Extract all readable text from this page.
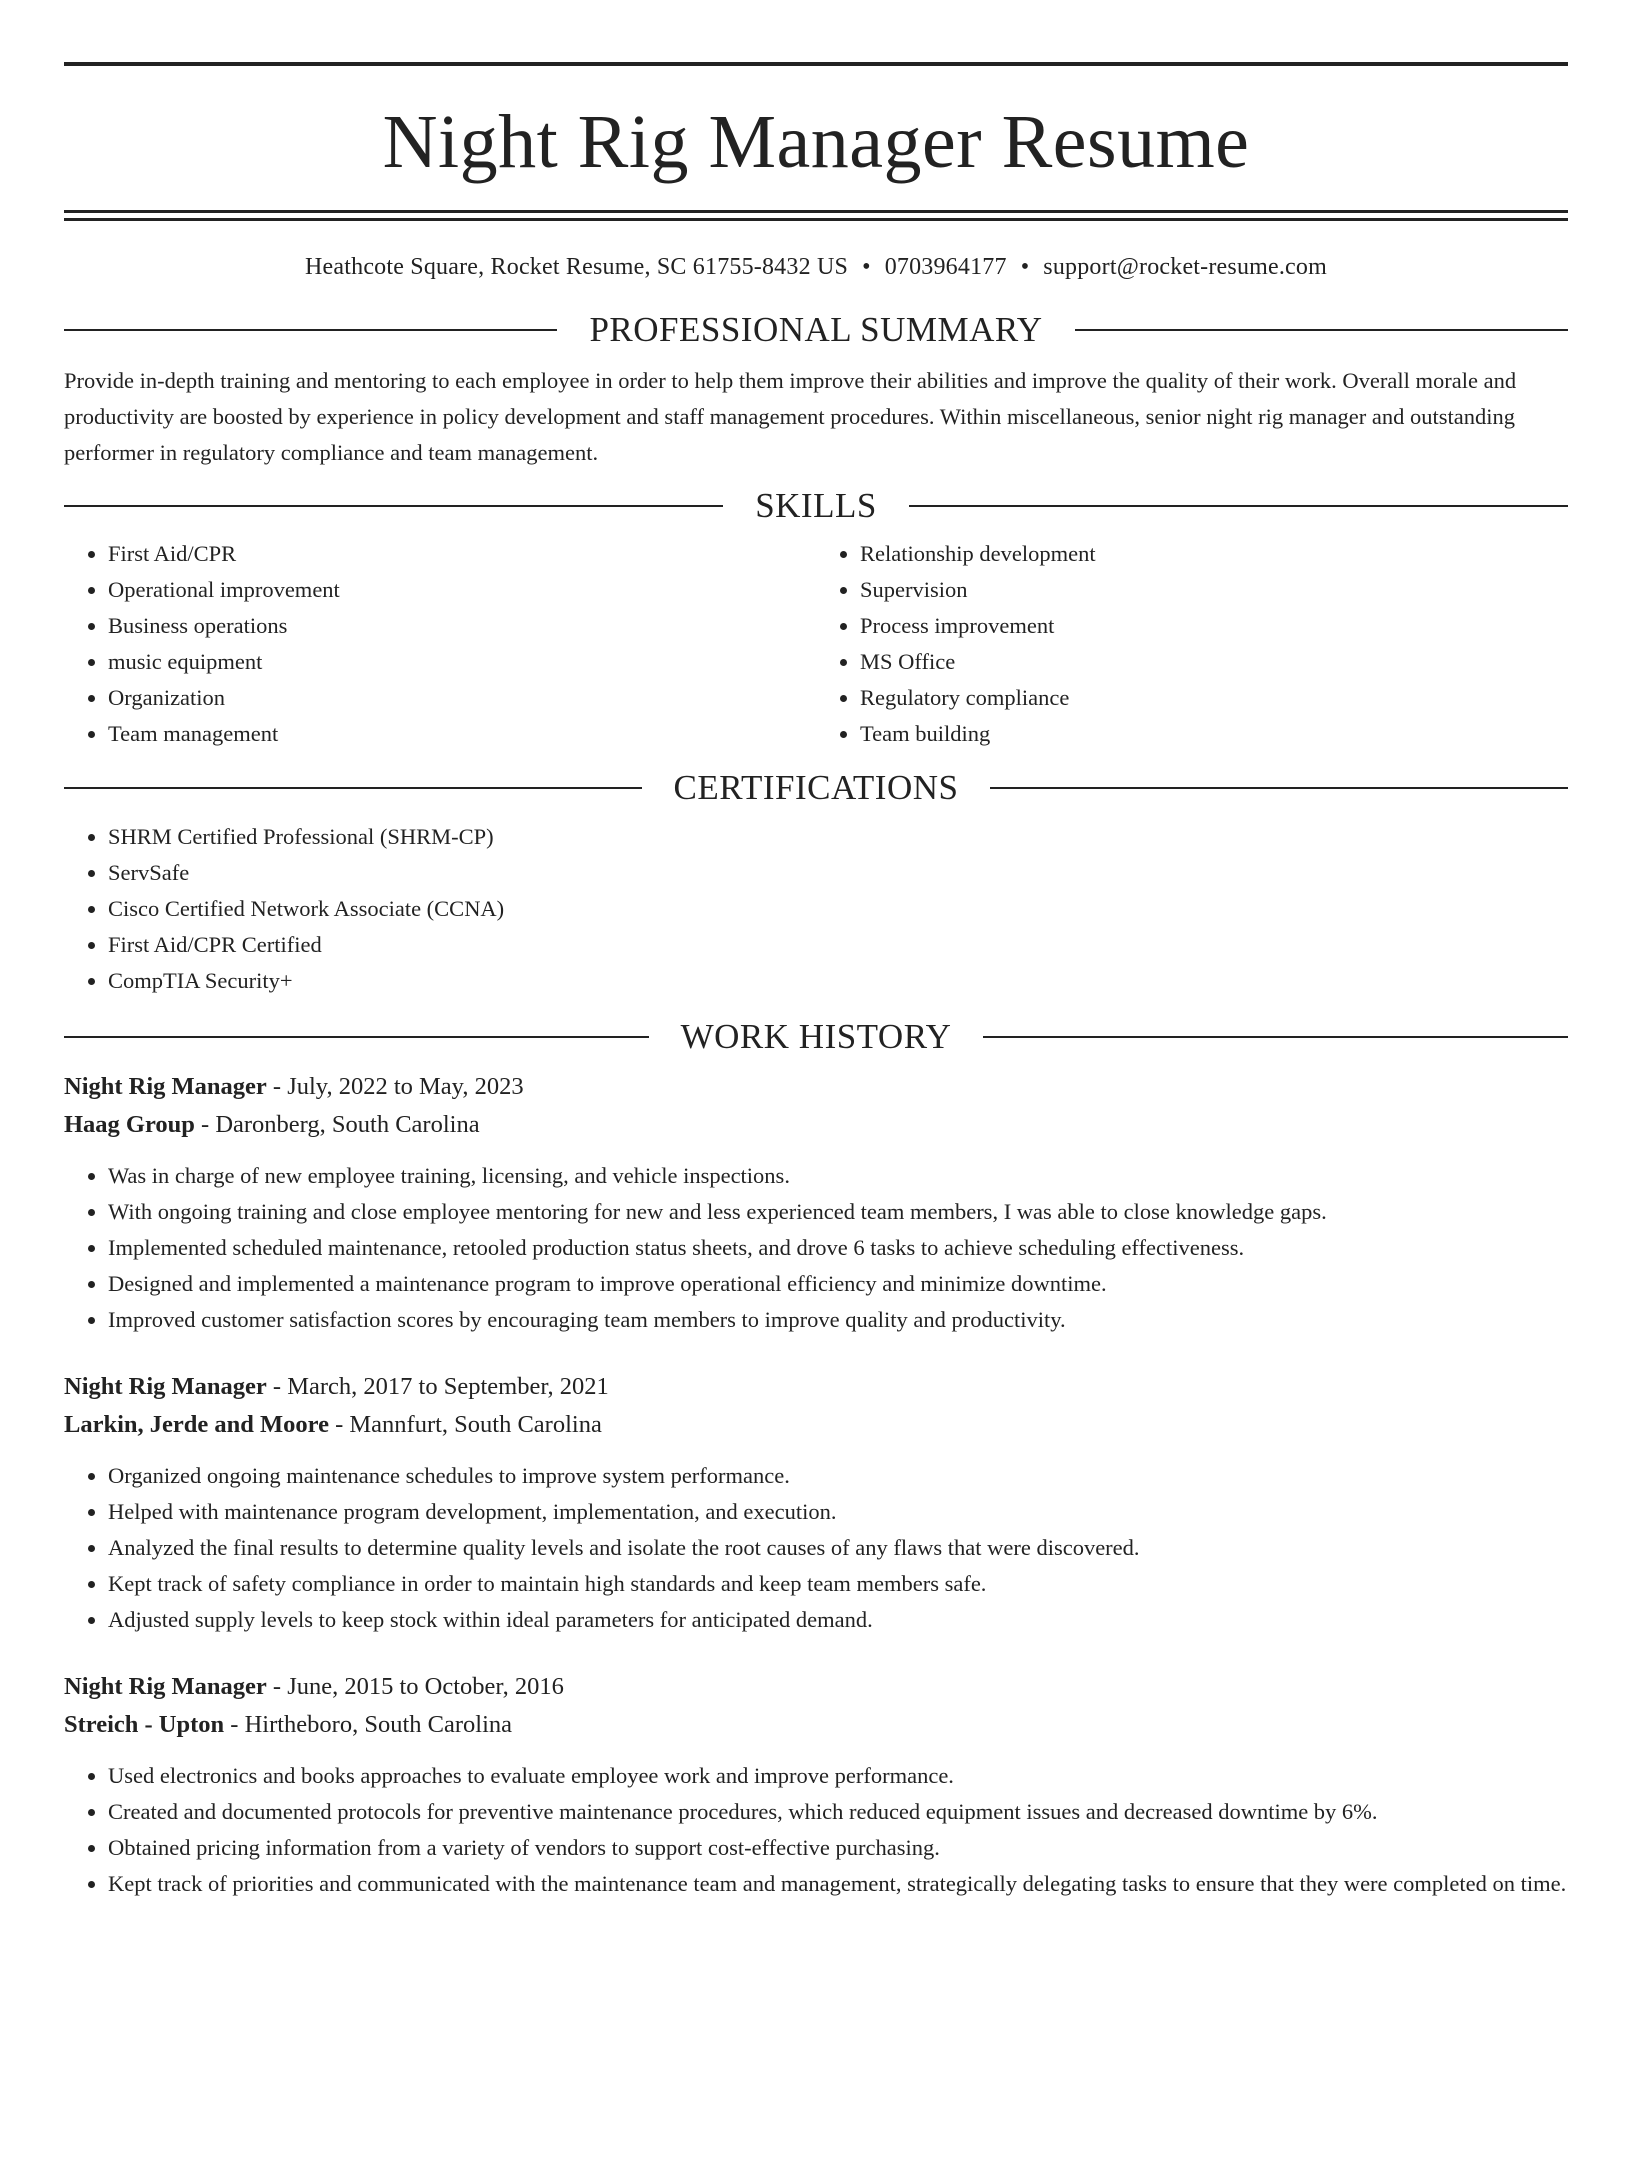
Night Rig Manager Resume
Heathcote Square, Rocket Resume, SC 61755-8432 US • 0703964177 • support@rocket-resume.com
PROFESSIONAL SUMMARY

Provide in-depth training and mentoring to each employee in order to help them improve their abilities and improve the quality of their work. Overall morale and productivity are boosted by experience in policy development and staff management procedures. Within miscellaneous, senior night rig manager and outstanding performer in regulatory compliance and team management.

SKILLS
• First Aid/CPR
• Operational improvement
• Business operations
• music equipment
• Organization
• Team management
• Relationship development
• Supervision
• Process improvement
• MS Office
• Regulatory compliance
• Team building
CERTIFICATIONS
• SHRM Certified Professional (SHRM-CP)
• ServSafe
• Cisco Certified Network Associate (CCNA)
• First Aid/CPR Certified
• CompTIA Security+
WORK HISTORY

Night Rig Manager - July, 2022 to May, 2023

Haag Group - Daronberg, South Carolina

• Was in charge of new employee training, licensing, and vehicle inspections.
• With ongoing training and close employee mentoring for new and less experienced team members, I was able to close knowledge gaps.
• Implemented scheduled maintenance, retooled production status sheets, and drove 6 tasks to achieve scheduling effectiveness.
• Designed and implemented a maintenance program to improve operational efficiency and minimize downtime.
• Improved customer satisfaction scores by encouraging team members to improve quality and productivity.

Night Rig Manager - March, 2017 to September, 2021

Larkin, Jerde and Moore - Mannfurt, South Carolina

• Organized ongoing maintenance schedules to improve system performance.
• Helped with maintenance program development, implementation, and execution.
• Analyzed the final results to determine quality levels and isolate the root causes of any flaws that were discovered.
• Kept track of safety compliance in order to maintain high standards and keep team members safe.
• Adjusted supply levels to keep stock within ideal parameters for anticipated demand.

Night Rig Manager - June, 2015 to October, 2016

Streich - Upton - Hirtheboro, South Carolina

• Used electronics and books approaches to evaluate employee work and improve performance.
• Created and documented protocols for preventive maintenance procedures, which reduced equipment issues and decreased downtime by 6%.
• Obtained pricing information from a variety of vendors to support cost-effective purchasing.
• Kept track of priorities and communicated with the maintenance team and management, strategically delegating tasks to ensure that they were completed on time.
